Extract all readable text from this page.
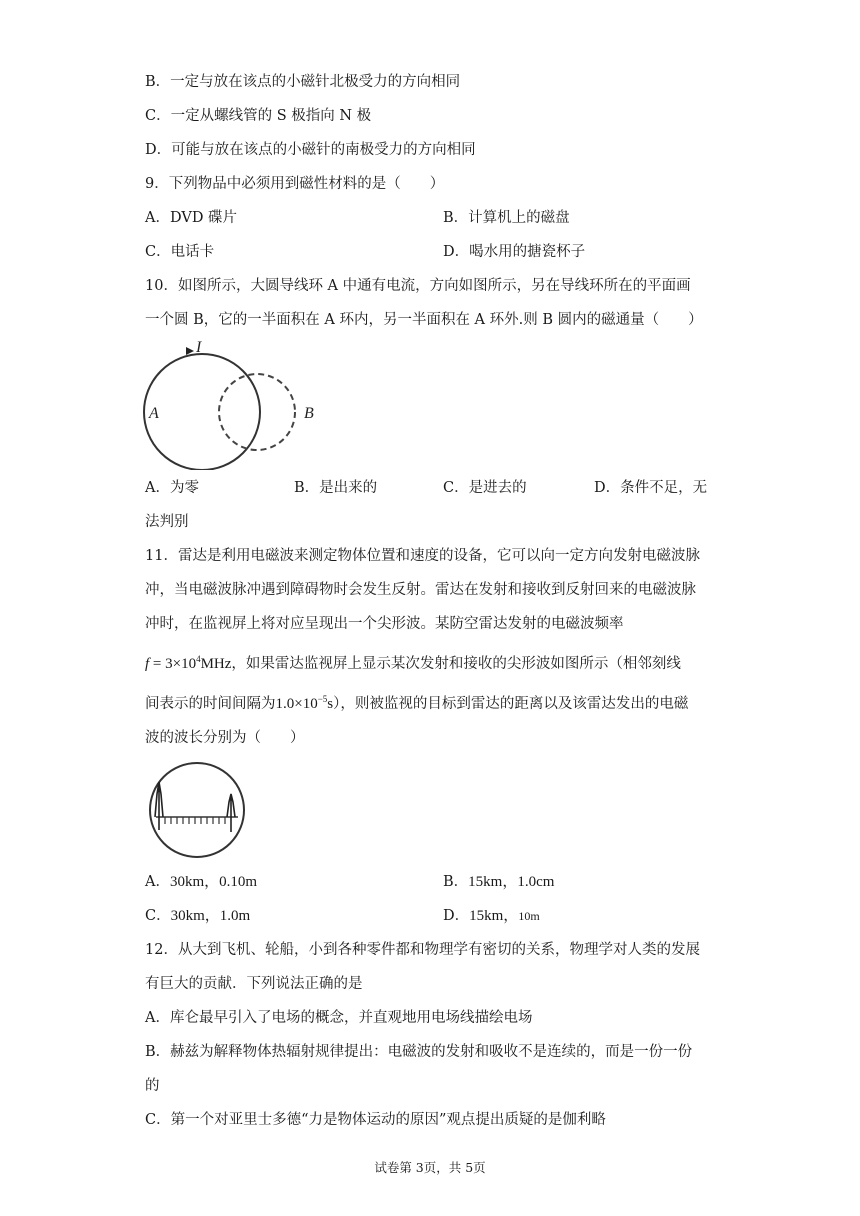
B．一定与放在该点的小磁针北极受力的方向相同
C．一定从螺线管的 S 极指向 N 极
D．可能与放在该点的小磁针的南极受力的方向相同
9．下列物品中必须用到磁性材料的是（　　）
A．DVD 碟片	B．计算机上的磁盘
C．电话卡	D．喝水用的搪瓷杯子
10．如图所示，大圆导线环 A 中通有电流，方向如图所示，另在导线环所在的平面画
一个圆 B，它的一半面积在 A 环内，另一半面积在 A 环外.则 B 圆内的磁通量（　　）
I
A	B
A．为零	B．是出来的	C．是进去的	D．条件不足，无
法判别
11．雷达是利用电磁波来测定物体位置和速度的设备，它可以向一定方向发射电磁波脉
冲，当电磁波脉冲遇到障碍物时会发生反射。雷达在发射和接收到反射回来的电磁波脉
冲时，在监视屏上将对应呈现出一个尖形波。某防空雷达发射的电磁波频率
$f = 3\times 10^4MHz$，如果雷达监视屏上显示某次发射和接收的尖形波如图所示（相邻刻线
间表示的时间间隔为$1.0\times 10^{-5}s$），则被监视的目标到雷达的距离以及该雷达发出的电磁
波的波长分别为（　　）
A．30km，0.10m	B．15km，1.0cm
C．30km，1.0m	D．15km，10m
12．从大到飞机、轮船，小到各种零件都和物理学有密切的关系，物理学对人类的发展
有巨大的贡献．下列说法正确的是
A．库仑最早引入了电场的概念，并直观地用电场线描绘电场
B．赫兹为解释物体热辐射规律提出：电磁波的发射和吸收不是连续的，而是一份一份
的
C．第一个对亚里士多德“力是物体运动的原因”观点提出质疑的是伽利略
试卷第 3页，共 5页
